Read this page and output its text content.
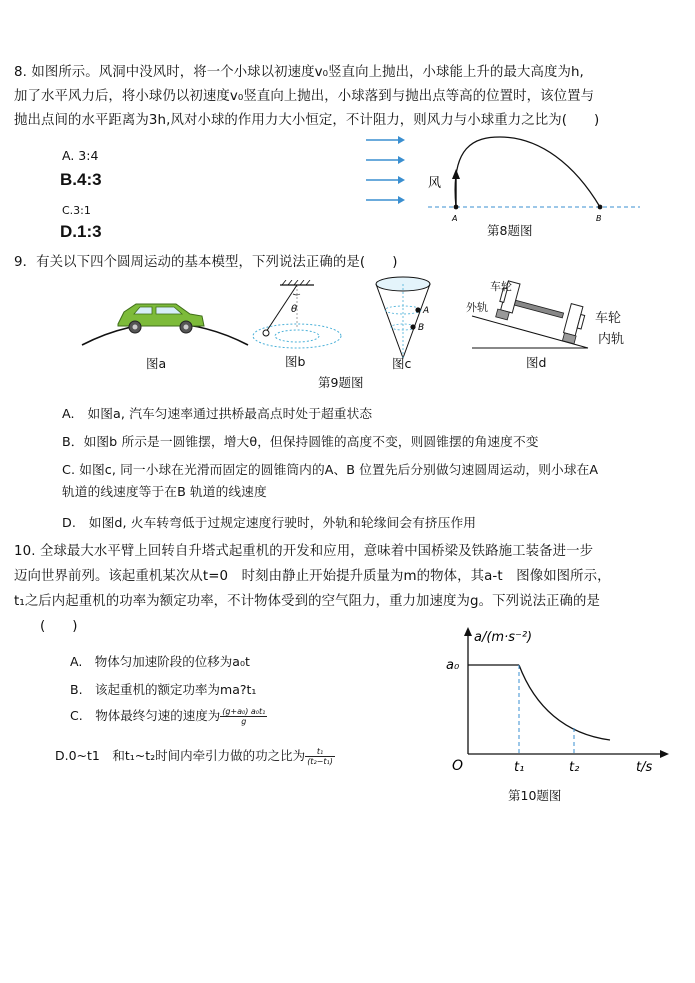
8. 如图所示。风洞中没风时，将一个小球以初速度v₀竖直向上抛出，小球能上升的最大高度为h,
加了水平风力后，将小球仍以初速度v₀竖直向上抛出，小球落到与抛出点等高的位置时，该位置与
抛出点间的水平距离为3h,风对小球的作用力大小恒定，不计阻力，则风力与小球重力之比为(　　)
A. 3:4
B.4:3
C.3:1
D.1:3
风
A	B
第8题图
9．有关以下四个圆周运动的基本模型，下列说法正确的是(　　)
图a
θ
图b
A
B
图c
车轮
外轨
车轮
内轨
图d
第9题图
A.　如图a, 汽车匀速率通过拱桥最高点时处于超重状态
B．如图b 所示是一圆锥摆，增大θ，但保持圆锥的高度不变，则圆锥摆的角速度不变
C. 如图c, 同一小球在光滑而固定的圆锥筒内的A、B 位置先后分别做匀速圆周运动，则小球在A
轨道的线速度等于在B 轨道的线速度
D.　如图d, 火车转弯低于过规定速度行驶时，外轨和轮缘间会有挤压作用
10. 全球最大水平臂上回转自升塔式起重机的开发和应用，意味着中国桥梁及铁路施工装备进一步
迈向世界前列。该起重机某次从t=0　时刻由静止开始提升质量为m的物体，其a-t　图像如图所示，
t₁之后内起重机的功率为额定功率，不计物体受到的空气阻力，重力加速度为g。下列说法正确的是
(　　)
A.　物体匀加速阶段的位移为a₀t
B.　该起重机的额定功率为ma?t₁
C.　物体最终匀速的速度为 $\frac{\text{(g+a₀) a₀t₁}}{g}$
D.0~t1　和t₁~t₂时间内牵引力做的功之比为 $\frac{\text{t₁}}{\text{(t₂−t₁)}}$
a/(m·s⁻²)
a₀
O	t₁	t₂	t/s
第10题图
